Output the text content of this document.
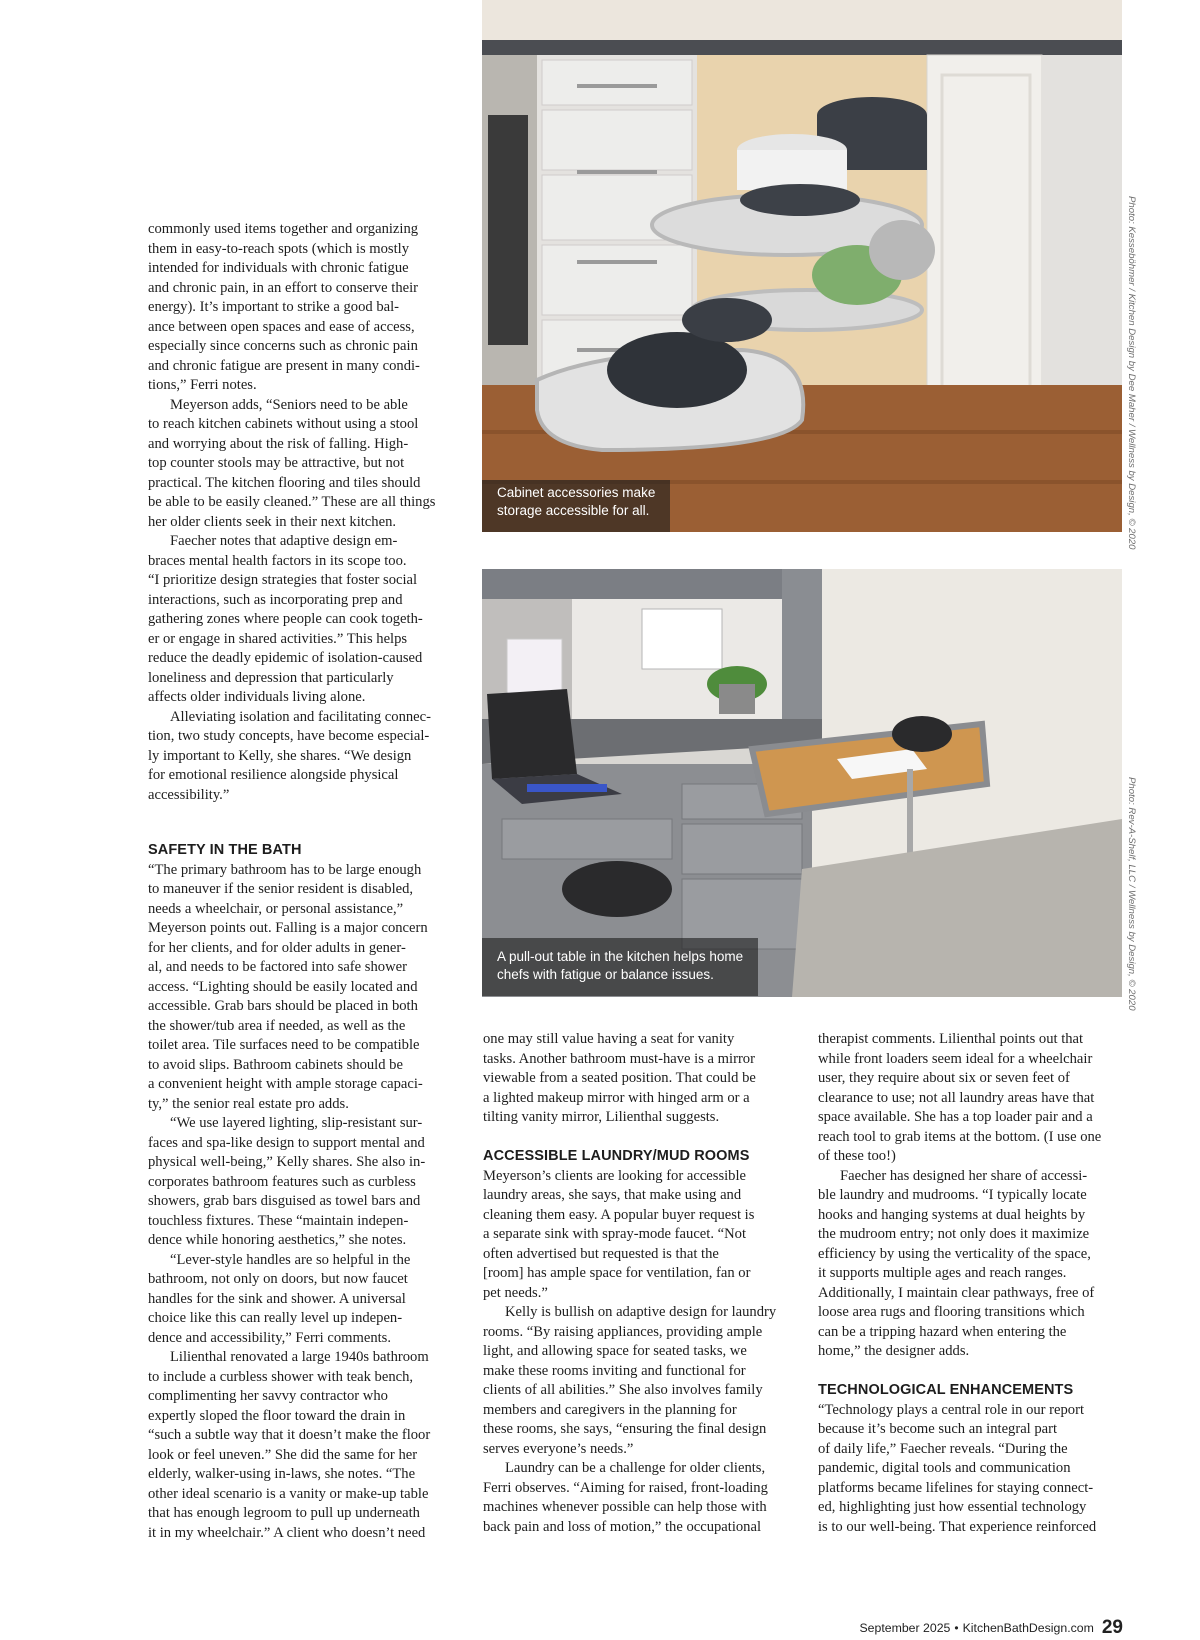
Cabinet accessories make
storage accessible for all.	Photo: Kesseböhmer / Kitchen Design by Dee Maher / Wellness by Design, © 2020
A pull-out table in the kitchen helps home
chefs with fatigue or balance issues.	Photo: Rev-A-Shelf, LLC / Wellness by Design, © 2020

commonly used items together and organizing

them in easy-to-reach spots (which is mostly

intended for individuals with chronic fatigue

and chronic pain, in an effort to conserve their

energy). It’s important to strike a good bal-

ance between open spaces and ease of access,

especially since concerns such as chronic pain

and chronic fatigue are present in many condi-

tions,” Ferri notes.

Meyerson adds, “Seniors need to be able

to reach kitchen cabinets without using a stool

and worrying about the risk of falling. High-

top counter stools may be attractive, but not

practical. The kitchen flooring and tiles should

be able to be easily cleaned.” These are all things

her older clients seek in their next kitchen.

Faecher notes that adaptive design em-

braces mental health factors in its scope too.

“I prioritize design strategies that foster social

interactions, such as incorporating prep and

gathering zones where people can cook togeth-

er or engage in shared activities.” This helps

reduce the deadly epidemic of isolation-caused

loneliness and depression that particularly

affects older individuals living alone.

Alleviating isolation and facilitating connec-

tion, two study concepts, have become especial-

ly important to Kelly, she shares. “We design

for emotional resilience alongside physical

accessibility.”

SAFETY IN THE BATH

“The primary bathroom has to be large enough

to maneuver if the senior resident is disabled,

needs a wheelchair, or personal assistance,”

Meyerson points out. Falling is a major concern

for her clients, and for older adults in gener-

al, and needs to be factored into safe shower

access. “Lighting should be easily located and

accessible. Grab bars should be placed in both

the shower/tub area if needed, as well as the

toilet area. Tile surfaces need to be compatible

to avoid slips. Bathroom cabinets should be

a convenient height with ample storage capaci-

ty,” the senior real estate pro adds.

“We use layered lighting, slip-resistant sur-

faces and spa-like design to support mental and

physical well-being,” Kelly shares. She also in-

corporates bathroom features such as curbless

showers, grab bars disguised as towel bars and

touchless fixtures. These “maintain indepen-

dence while honoring aesthetics,” she notes.

“Lever-style handles are so helpful in the

bathroom, not only on doors, but now faucet

handles for the sink and shower. A universal

choice like this can really level up indepen-

dence and accessibility,” Ferri comments.

Lilienthal renovated a large 1940s bathroom

to include a curbless shower with teak bench,

complimenting her savvy contractor who

expertly sloped the floor toward the drain in

“such a subtle way that it doesn’t make the floor

look or feel uneven.” She did the same for her

elderly, walker-using in-laws, she notes. “The

other ideal scenario is a vanity or make-up table

that has enough legroom to pull up underneath

it in my wheelchair.” A client who doesn’t need

one may still value having a seat for vanity

tasks. Another bathroom must-have is a mirror

viewable from a seated position. That could be

a lighted makeup mirror with hinged arm or a

tilting vanity mirror, Lilienthal suggests.

ACCESSIBLE LAUNDRY/MUD ROOMS

Meyerson’s clients are looking for accessible

laundry areas, she says, that make using and

cleaning them easy. A popular buyer request is

a separate sink with spray-mode faucet. “Not

often advertised but requested is that the

[room] has ample space for ventilation, fan or

pet needs.”

Kelly is bullish on adaptive design for laundry

rooms. “By raising appliances, providing ample

light, and allowing space for seated tasks, we

make these rooms inviting and functional for

clients of all abilities.” She also involves family

members and caregivers in the planning for

these rooms, she says, “ensuring the final design

serves everyone’s needs.”

Laundry can be a challenge for older clients,

Ferri observes. “Aiming for raised, front-loading

machines whenever possible can help those with

back pain and loss of motion,” the occupational

therapist comments. Lilienthal points out that

while front loaders seem ideal for a wheelchair

user, they require about six or seven feet of

clearance to use; not all laundry areas have that

space available. She has a top loader pair and a

reach tool to grab items at the bottom. (I use one

of these too!)

Faecher has designed her share of accessi-

ble laundry and mudrooms. “I typically locate

hooks and hanging systems at dual heights by

the mudroom entry; not only does it maximize

efficiency by using the verticality of the space,

it supports multiple ages and reach ranges.

Additionally, I maintain clear pathways, free of

loose area rugs and flooring transitions which

can be a tripping hazard when entering the

home,” the designer adds.

TECHNOLOGICAL ENHANCEMENTS

“Technology plays a central role in our report

because it’s become such an integral part

of daily life,” Faecher reveals. “During the

pandemic, digital tools and communication

platforms became lifelines for staying connect-

ed, highlighting just how essential technology

is to our well-being. That experience reinforced

September 2025 • KitchenBathDesign.com 29
